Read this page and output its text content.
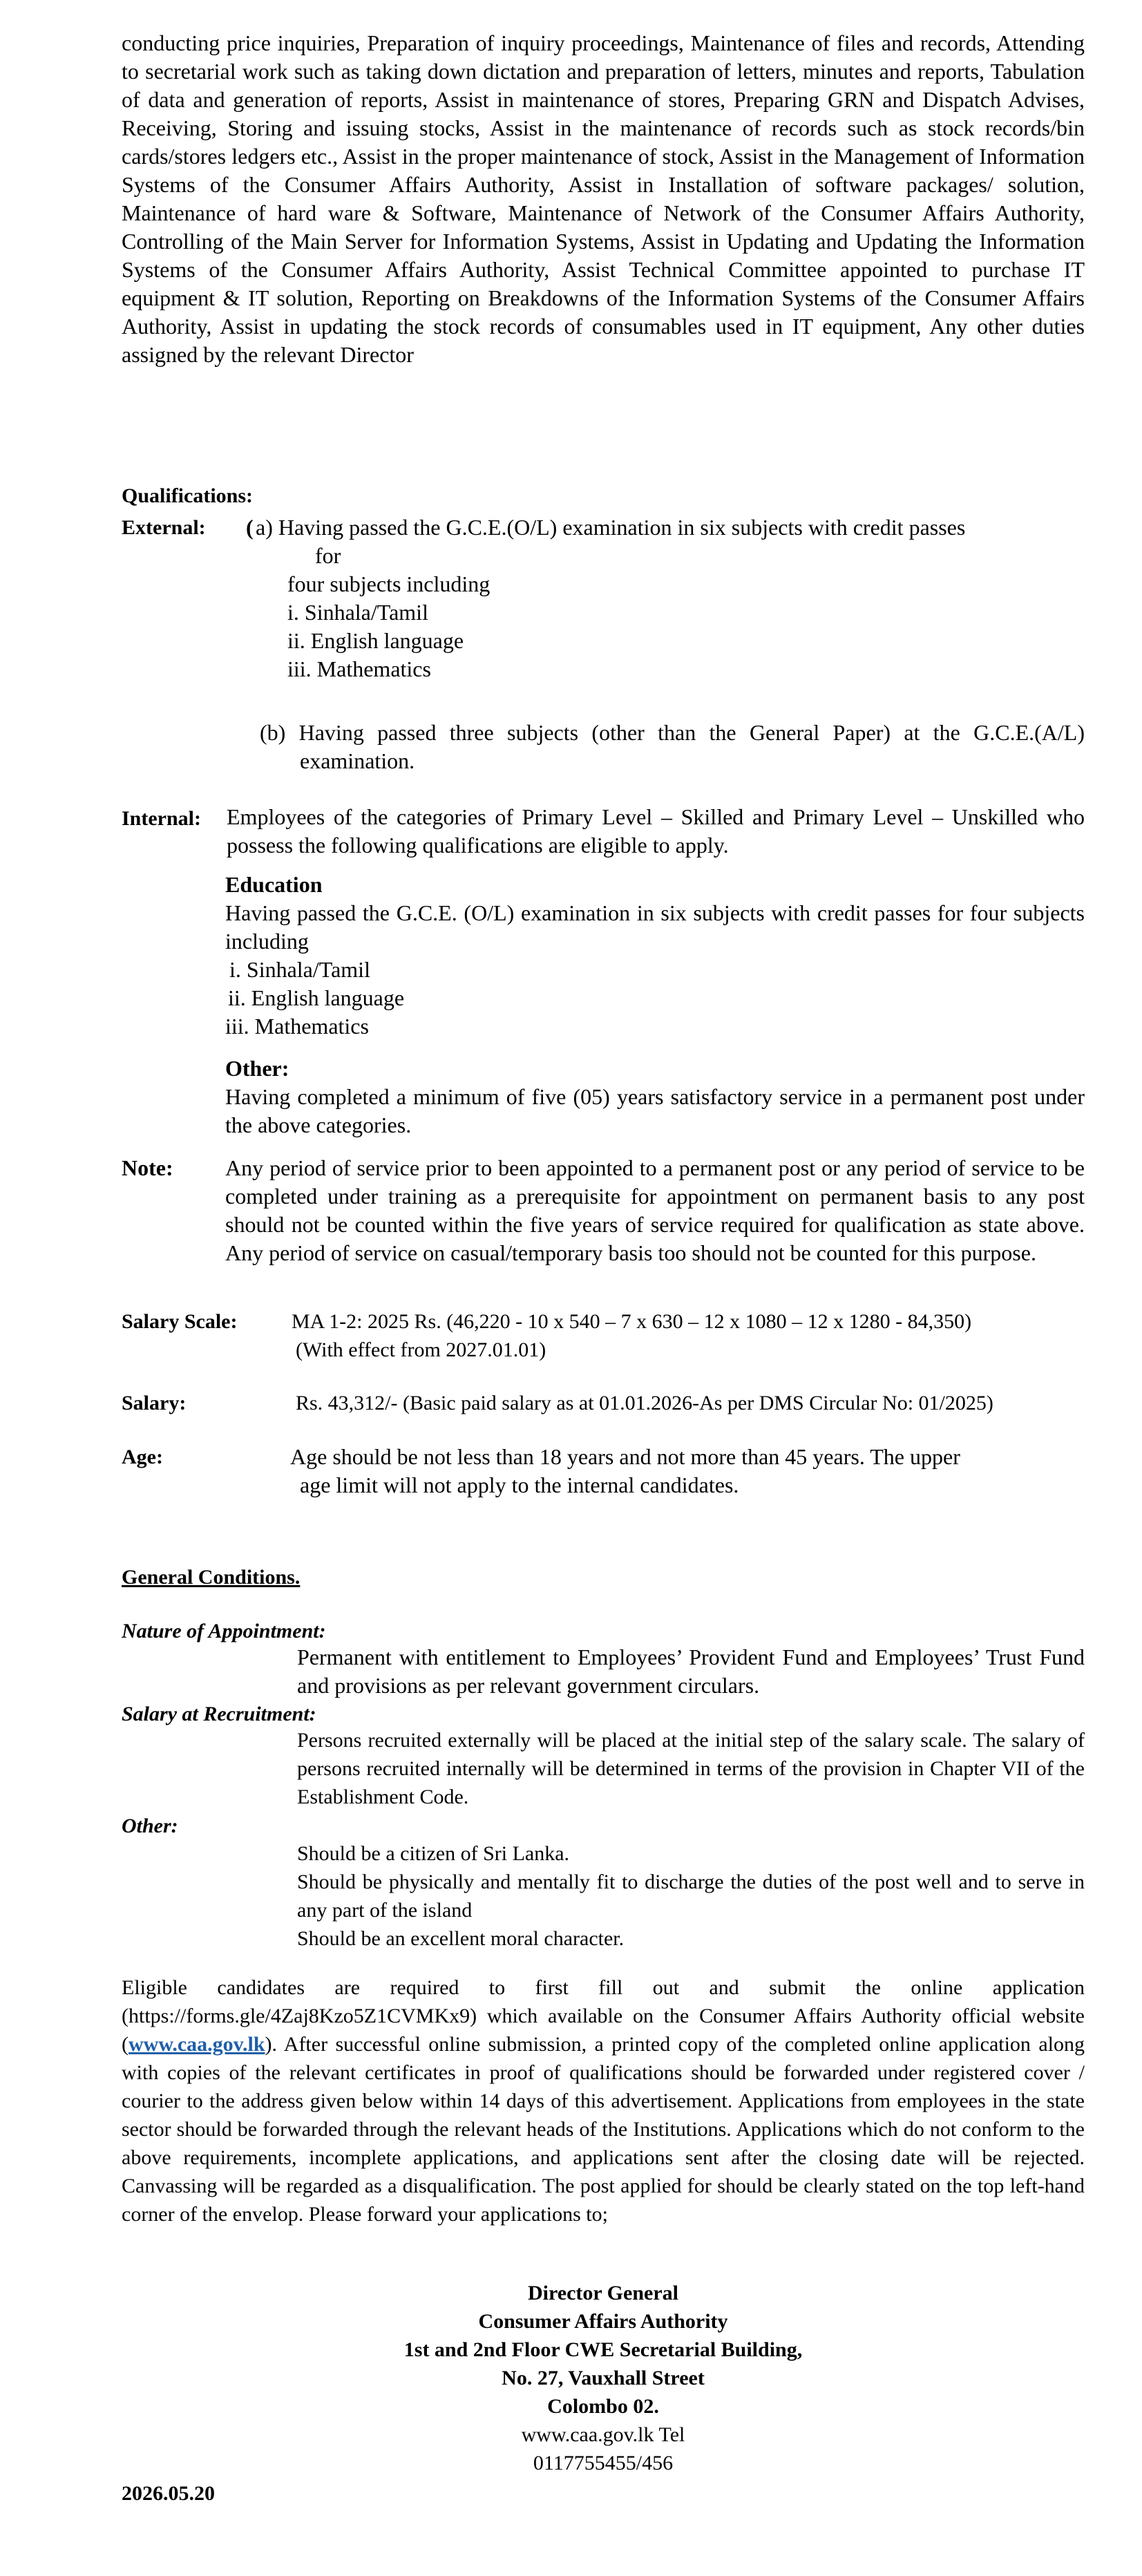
conducting price inquiries, Preparation of inquiry proceedings, Maintenance of files and records, Attending to secretarial work such as taking down dictation and preparation of letters, minutes and reports, Tabulation of data and generation of reports, Assist in maintenance of stores, Preparing GRN and Dispatch Advises, Receiving, Storing and issuing stocks, Assist in the maintenance of records such as stock records/bin cards/stores ledgers etc., Assist in the proper maintenance of stock, Assist in the Management of Information Systems of the Consumer Affairs Authority, Assist in Installation of software packages/ solution, Maintenance of hard ware & Software, Maintenance of Network of the Consumer Affairs Authority, Controlling of the Main Server for Information Systems, Assist in Updating and Updating the Information Systems of the Consumer Affairs Authority, Assist Technical Committee appointed to purchase IT equipment & IT solution, Reporting on Breakdowns of the Information Systems of the Consumer Affairs Authority, Assist in updating the stock records of consumables used in IT equipment, Any other duties assigned by the relevant Director
Qualifications:
External: ( a) Having passed the G.C.E.(O/L) examination in six subjects with credit passes
for
four subjects including
i. Sinhala/Tamil
ii. English language
iii. Mathematics
(b) Having passed three subjects (other than the General Paper) at the G.C.E.(A/L) examination.
Internal: Employees of the categories of Primary Level – Skilled and Primary Level – Unskilled who possess the following qualifications are eligible to apply.
Education
Having passed the G.C.E. (O/L) examination in six subjects with credit passes for four subjects including
i. Sinhala/Tamil
ii. English language
iii. Mathematics
Other:
Having completed a minimum of five (05) years satisfactory service in a permanent post under the above categories.
Note: Any period of service prior to been appointed to a permanent post or any period of service to be completed under training as a prerequisite for appointment on permanent basis to any post should not be counted within the five years of service required for qualification as state above. Any period of service on casual/temporary basis too should not be counted for this purpose.
Salary Scale:	MA 1-2: 2025 Rs. (46,220 - 10 x 540 – 7 x 630 – 12 x 1080 – 12 x 1280 - 84,350)
(With effect from 2027.01.01)
Salary:	Rs. 43,312/- (Basic paid salary as at 01.01.2026-As per DMS Circular No: 01/2025)
Age:	Age should be not less than 18 years and not more than 45 years. The upper
age limit will not apply to the internal candidates.
General Conditions.
Nature of Appointment:
Permanent with entitlement to Employees’ Provident Fund and Employees’ Trust Fund and provisions as per relevant government circulars.
Salary at Recruitment:
Persons recruited externally will be placed at the initial step of the salary scale. The salary of persons recruited internally will be determined in terms of the provision in Chapter VII of the Establishment Code.
Other:
Should be a citizen of Sri Lanka.
Should be physically and mentally fit to discharge the duties of the post well and to serve in any part of the island
Should be an excellent moral character.
Eligible candidates are required to first fill out and submit the online application (https://forms.gle/4Zaj8Kzo5Z1CVMKx9) which available on the Consumer Affairs Authority official website (www.caa.gov.lk). After successful online submission, a printed copy of the completed online application along with copies of the relevant certificates in proof of qualifications should be forwarded under registered cover / courier to the address given below within 14 days of this advertisement. Applications from employees in the state sector should be forwarded through the relevant heads of the Institutions. Applications which do not conform to the above requirements, incomplete applications, and applications sent after the closing date will be rejected. Canvassing will be regarded as a disqualification. The post applied for should be clearly stated on the top left-hand corner of the envelop. Please forward your applications to;
Director General
Consumer Affairs Authority
1st and 2nd Floor CWE Secretarial Building,
No. 27, Vauxhall Street
Colombo 02.
www.caa.gov.lk Tel
0117755455/456
2026.05.20
